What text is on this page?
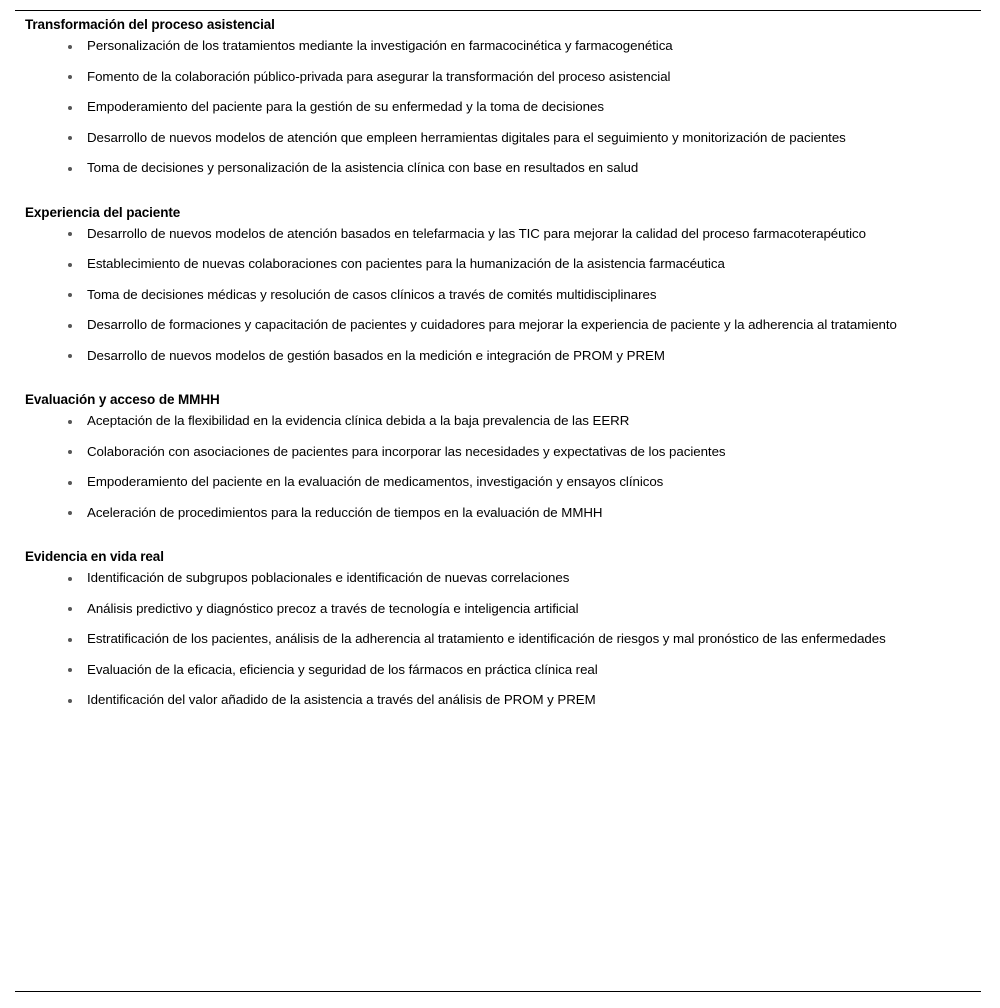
Transformación del proceso asistencial
Personalización de los tratamientos mediante la investigación en farmacocinética y farmacogenética
Fomento de la colaboración público-privada para asegurar la transformación del proceso asistencial
Empoderamiento del paciente para la gestión de su enfermedad y la toma de decisiones
Desarrollo de nuevos modelos de atención que empleen herramientas digitales para el seguimiento y monitorización de pacientes
Toma de decisiones y personalización de la asistencia clínica con base en resultados en salud
Experiencia del paciente
Desarrollo de nuevos modelos de atención basados en telefarmacia y las TIC para mejorar la calidad del proceso farmacoterapéutico
Establecimiento de nuevas colaboraciones con pacientes para la humanización de la asistencia farmacéutica
Toma de decisiones médicas y resolución de casos clínicos a través de comités multidisciplinares
Desarrollo de formaciones y capacitación de pacientes y cuidadores para mejorar la experiencia de paciente y la adherencia al tratamiento
Desarrollo de nuevos modelos de gestión basados en la medición e integración de PROM y PREM
Evaluación y acceso de MMHH
Aceptación de la flexibilidad en la evidencia clínica debida a la baja prevalencia de las EERR
Colaboración con asociaciones de pacientes para incorporar las necesidades y expectativas de los pacientes
Empoderamiento del paciente en la evaluación de medicamentos, investigación y ensayos clínicos
Aceleración de procedimientos para la reducción de tiempos en la evaluación de MMHH
Evidencia en vida real
Identificación de subgrupos poblacionales e identificación de nuevas correlaciones
Análisis predictivo y diagnóstico precoz a través de tecnología e inteligencia artificial
Estratificación de los pacientes, análisis de la adherencia al tratamiento e identificación de riesgos y mal pronóstico de las enfermedades
Evaluación de la eficacia, eficiencia y seguridad de los fármacos en práctica clínica real
Identificación del valor añadido de la asistencia a través del análisis de PROM y PREM
